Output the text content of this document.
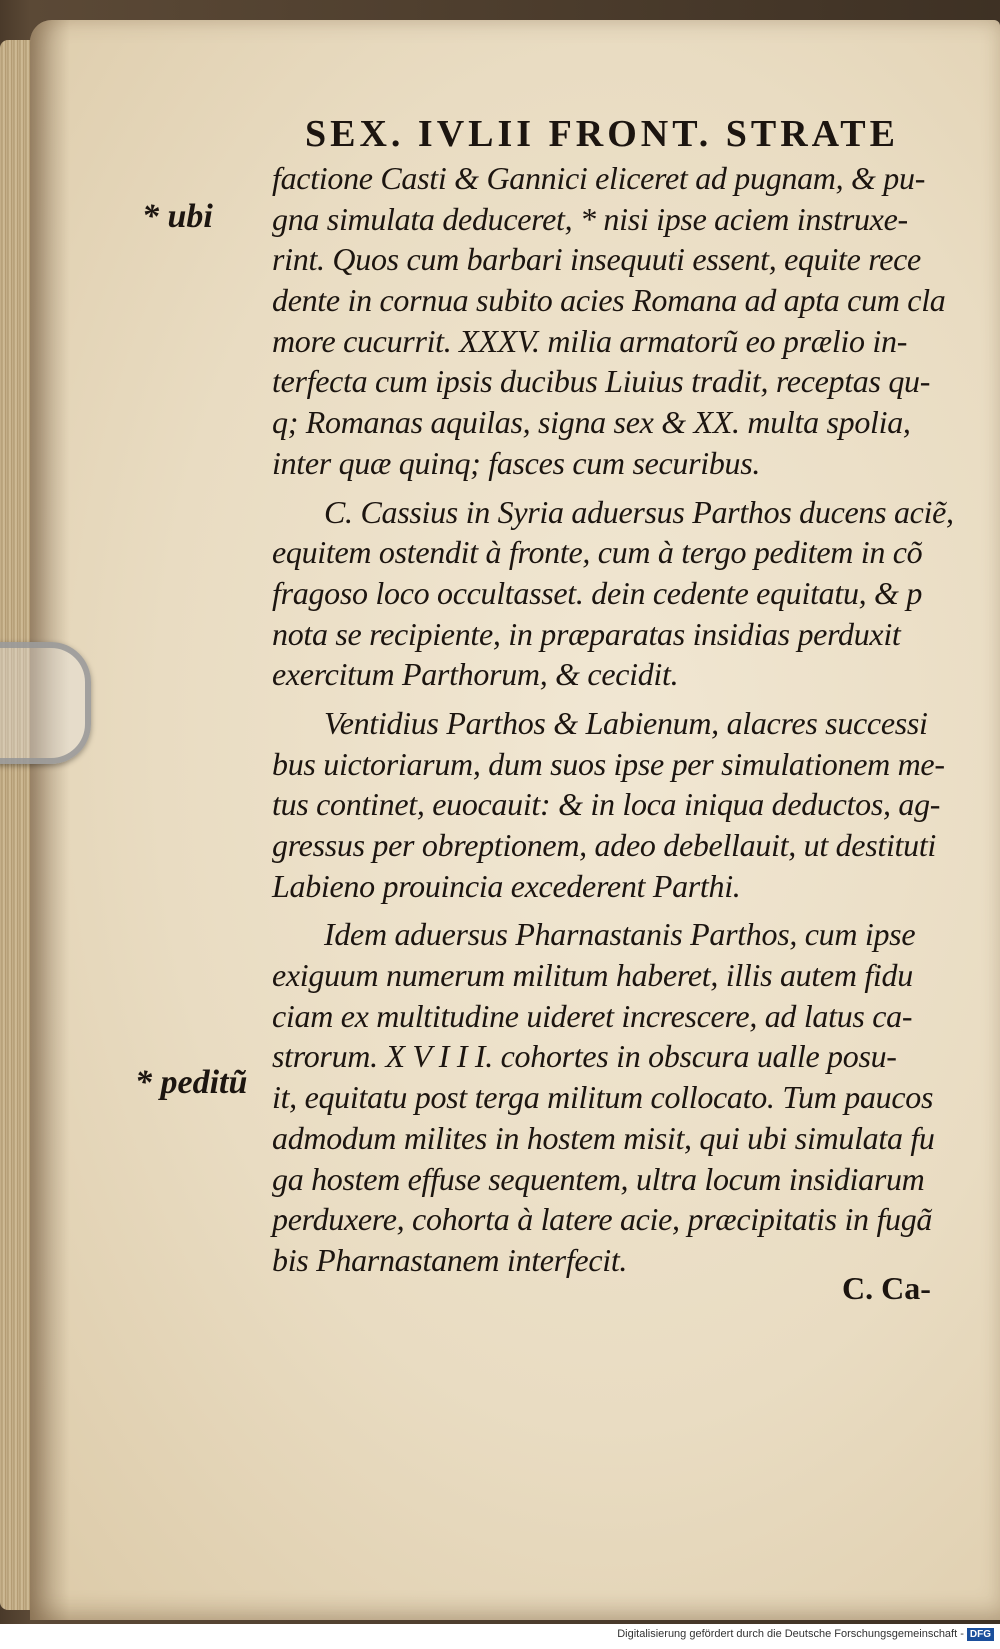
SEX. IVLII FRONT. STRATE
* ubi
* peditũ
factione Casti & Gannici eliceret ad pugnam, & pu-
gna simulata deduceret, * nisi ipse aciem instruxe-
rint. Quos cum barbari insequuti essent, equite rece
dente in cornua subito acies Romana ad apta cum cla
more cucurrit. XXXV. milia armatorũ eo prælio in-
terfecta cum ipsis ducibus Liuius tradit, receptas qu-
q; Romanas aquilas, signa sex & XX. multa spolia,
inter quæ quinq; fasces cum securibus.
C. Cassius in Syria aduersus Parthos ducens aciẽ,
equitem ostendit à fronte, cum à tergo peditem in cõ
fragoso loco occultasset. dein cedente equitatu, & p
nota se recipiente, in præparatas insidias perduxit
exercitum Parthorum, & cecidit.
Ventidius Parthos & Labienum, alacres successi
bus uictoriarum, dum suos ipse per simulationem me-
tus continet, euocauit: & in loca iniqua deductos, ag-
gressus per obreptionem, adeo debellauit, ut destituti
Labieno prouincia excederent Parthi.
Idem aduersus Pharnastanis Parthos, cum ipse
exiguum numerum militum haberet, illis autem fidu
ciam ex multitudine uideret increscere, ad latus ca-
strorum. X V I I I. cohortes in obscura ualle posu-
it, equitatu post terga militum collocato. Tum paucos
admodum milites in hostem misit, qui ubi simulata fu
ga hostem effuse sequentem, ultra locum insidiarum
perduxere, cohorta à latere acie, præcipitatis in fugã
bis Pharnastanem interfecit.
C. Ca-
Digitalisierung gefördert durch die Deutsche Forschungsgemeinschaft - DFG
